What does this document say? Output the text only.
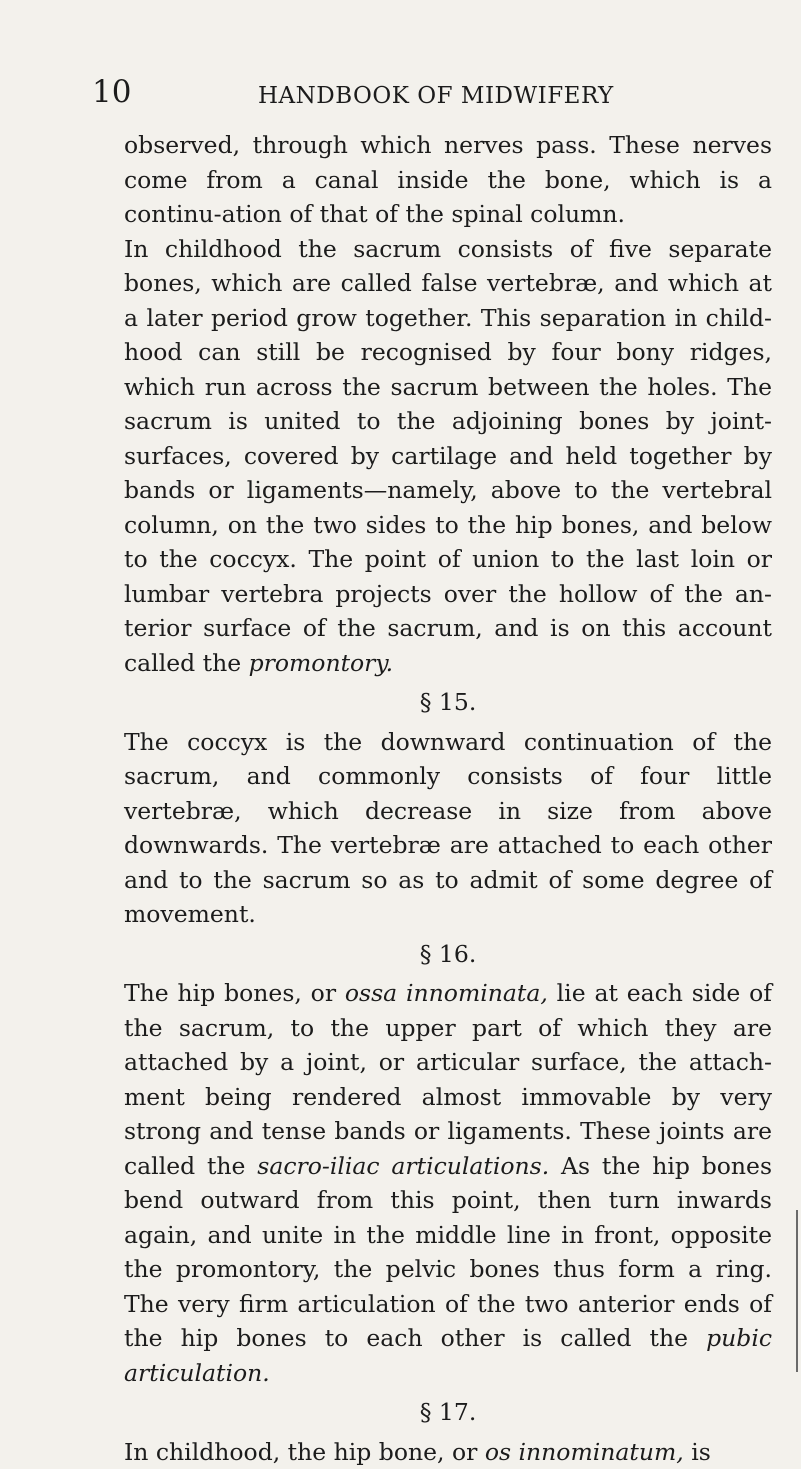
10	HANDBOOK OF MIDWIFERY

observed, through which nerves pass. These nerves come from a canal inside the bone, which is a continu-ation of that of the spinal column.

In childhood the sacrum consists of five separate bones, which are called false vertebræ, and which at a later period grow together. This separation in child-hood can still be recognised by four bony ridges, which run across the sacrum between the holes. The sacrum is united to the adjoining bones by joint-surfaces, covered by cartilage and held together by bands or ligaments—namely, above to the vertebral column, on the two sides to the hip bones, and below to the coccyx. The point of union to the last loin or lumbar vertebra projects over the hollow of the an-terior surface of the sacrum, and is on this account called the promontory.

§ 15.

The coccyx is the downward continuation of the sacrum, and commonly consists of four little vertebræ, which decrease in size from above downwards. The vertebræ are attached to each other and to the sacrum so as to admit of some degree of movement.

§ 16.

The hip bones, or ossa innominata, lie at each side of the sacrum, to the upper part of which they are attached by a joint, or articular surface, the attach-ment being rendered almost immovable by very strong and tense bands or ligaments. These joints are called the sacro-iliac articulations. As the hip bones bend outward from this point, then turn inwards again, and unite in the middle line in front, opposite the promontory, the pelvic bones thus form a ring. The very firm articulation of the two anterior ends of the hip bones to each other is called the pubic articulation.

§ 17.

In childhood, the hip bone, or os innominatum, is
